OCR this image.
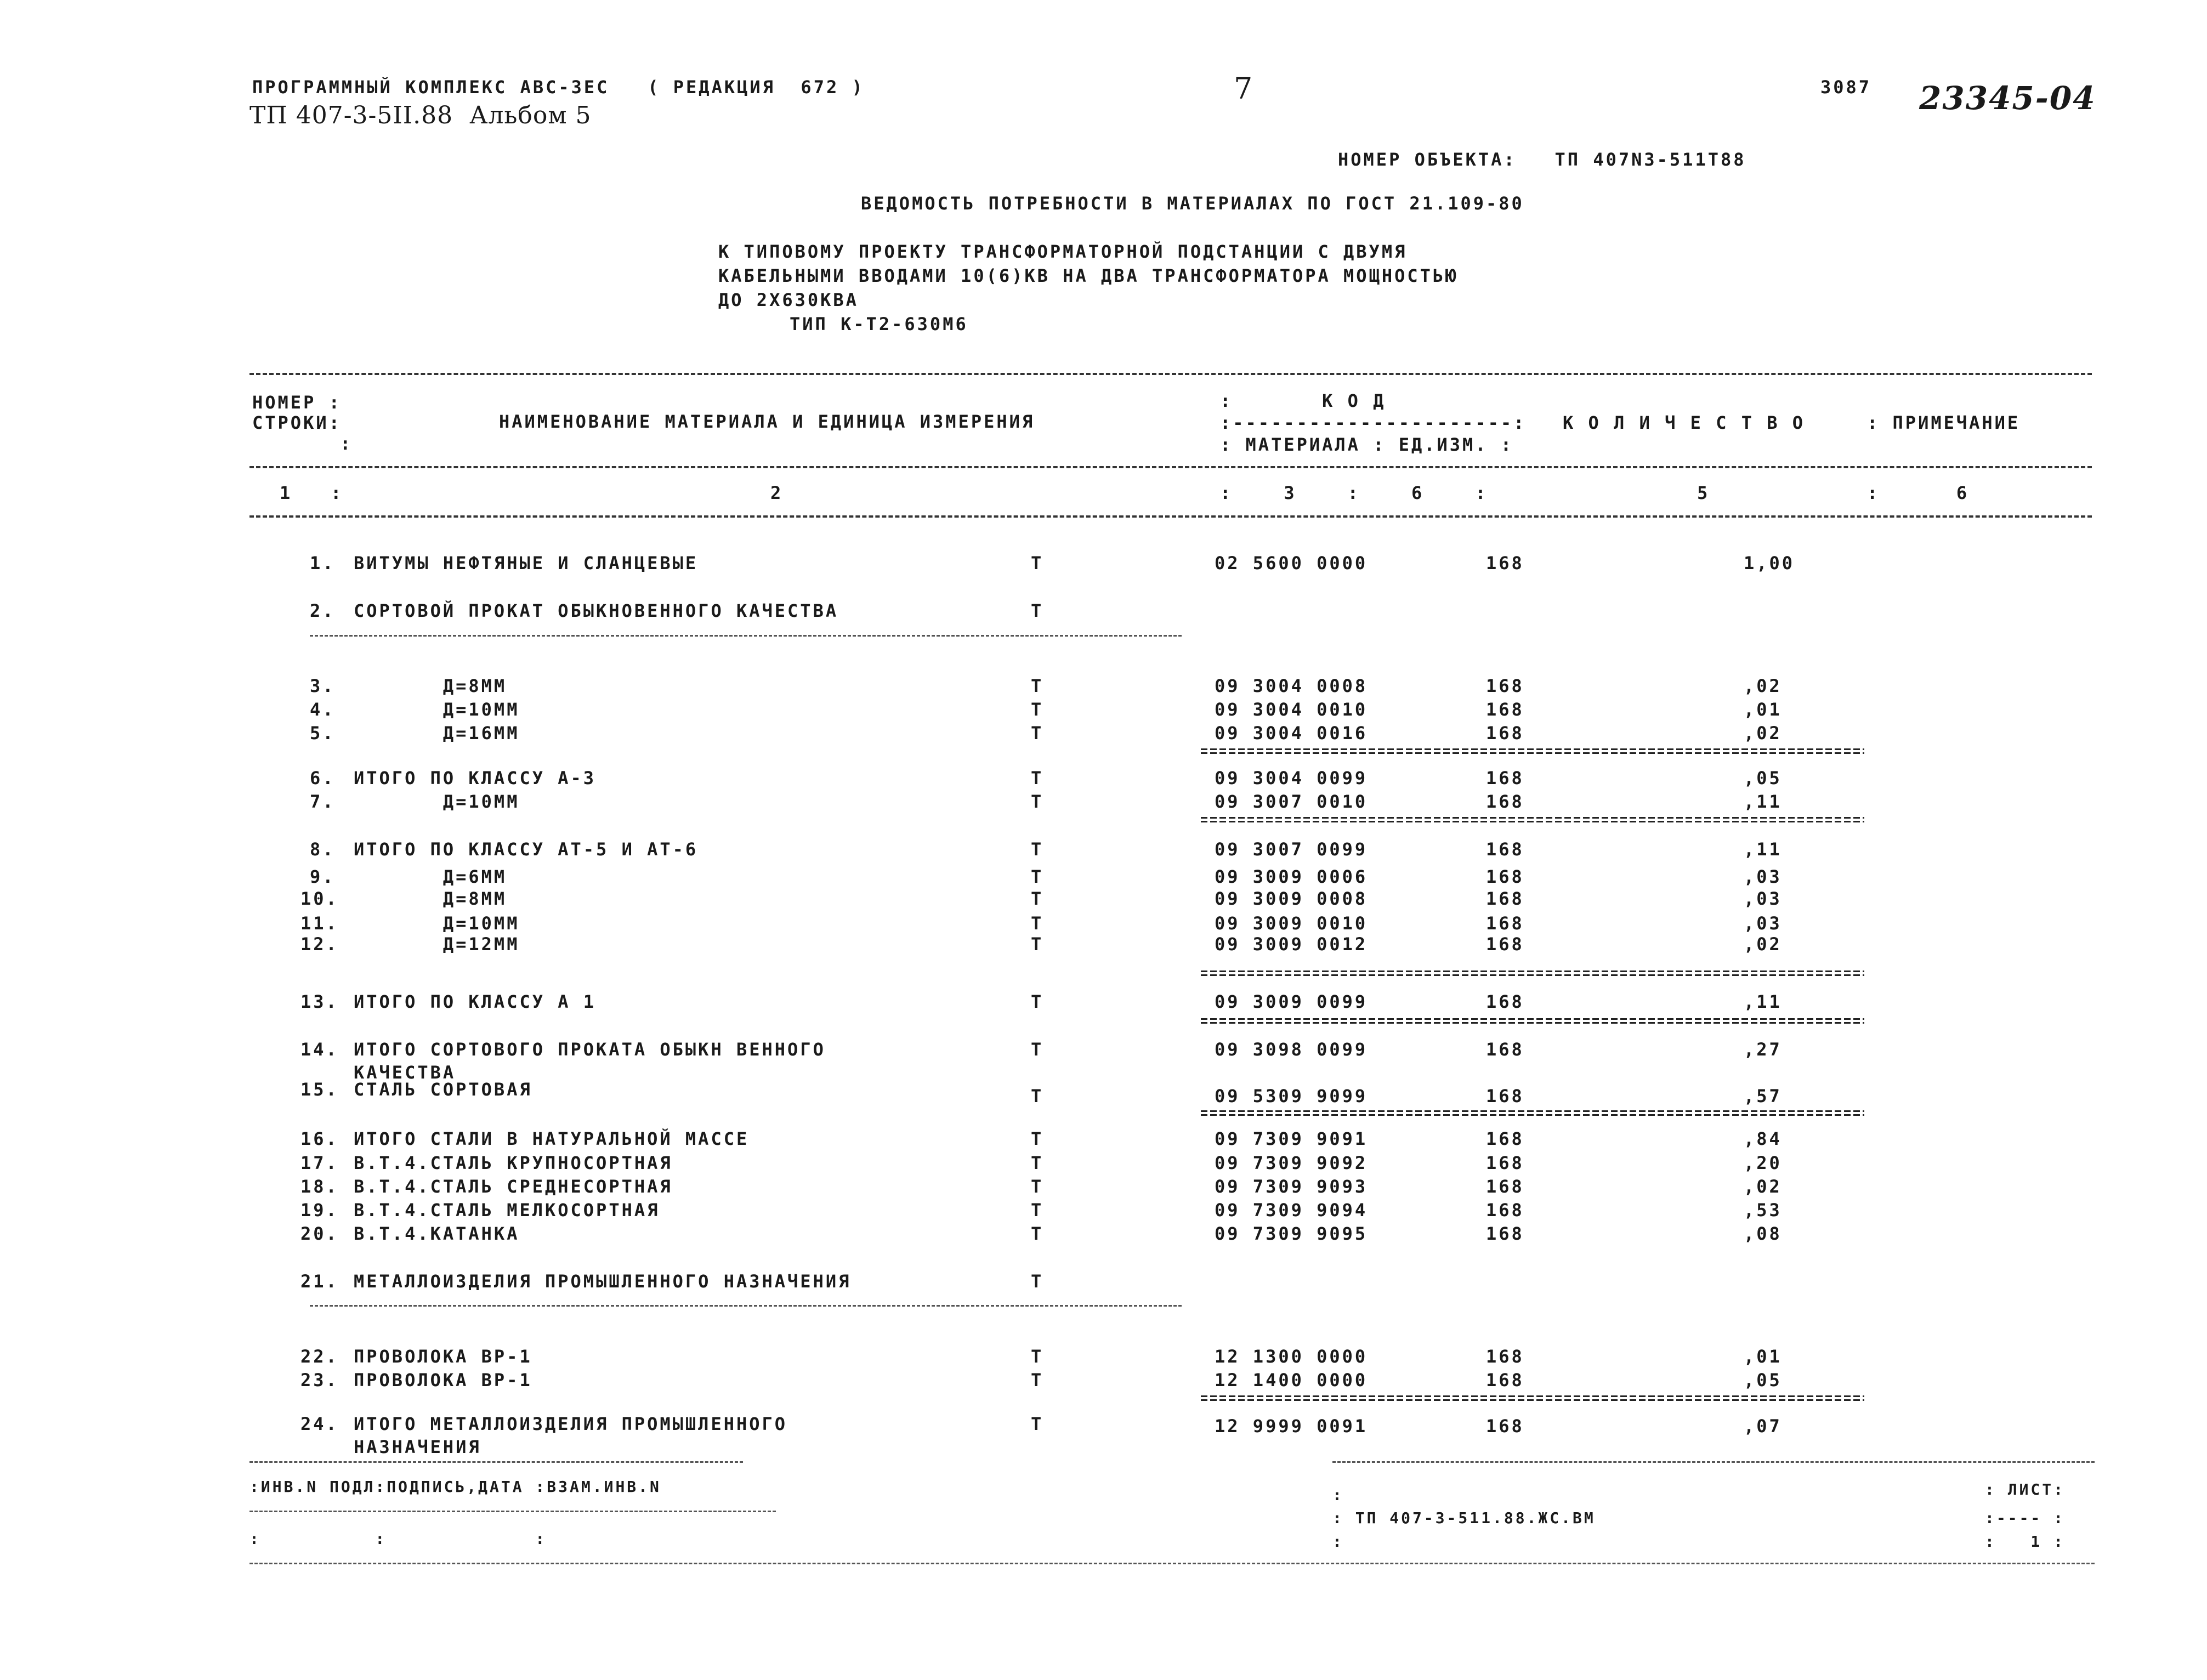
ПРОГРАММНЫЙ КОМПЛЕКС АВС-3ЕС   ( РЕДАКЦИЯ  672 )
ТП 407-3-5II.88  Альбом 5
7	3087 23345-04
НОМЕР ОБЪЕКТА:   ТП 407N3-511Т88
ВЕДОМОСТЬ ПОТРЕБНОСТИ В МАТЕРИАЛАХ ПО ГОСТ 21.109-80
К ТИПОВОМУ ПРОЕКТУ ТРАНСФОРМАТОРНОЙ ПОДСТАНЦИИ С ДВУМЯ
КАБЕЛЬНЫМИ ВВОДАМИ 10(6)КВ НА ДВА ТРАНСФОРМАТОРА МОЩНОСТЬЮ
ДО 2Х630КВА
ТИП К-Т2-630М6
НОМЕР :
СТРОКИ:
:
НАИМЕНОВАНИЕ МАТЕРИАЛА И ЕДИНИЦА ИЗМЕРЕНИЯ
:       К О Д
:----------------------:
: МАТЕРИАЛА : ЕД.ИЗМ. :
К О Л И Ч Е С Т В О	: ПРИМЕЧАНИЕ
1   :	2	:    3    :    6    :	5	:      6
1. ВИТУМЫ НЕФТЯНЫЕ И СЛАНЦЕВЫЕ	Т	02 5600 0000	168	1,00
2. СОРТОВОЙ ПРОКАТ ОБЫКНОВЕННОГО КАЧЕСТВА	Т
3. Д=8ММ	Т	09 3004 0008	168	,02
4. Д=10ММ	Т	09 3004 0010	168	,01
5. Д=16ММ	Т	09 3004 0016	168	,02
6. ИТОГО ПО КЛАССУ А-3	Т	09 3004 0099	168	,05
7. Д=10ММ	Т	09 3007 0010	168	,11
8. ИТОГО ПО КЛАССУ АТ-5 И АТ-6	Т	09 3007 0099	168	,11
9. Д=6ММ	Т	09 3009 0006	168	,03
10. Д=8ММ	Т	09 3009 0008	168	,03
11. Д=10ММ	Т	09 3009 0010	168	,03
12. Д=12ММ	Т	09 3009 0012	168	,02
13. ИТОГО ПО КЛАССУ А 1	Т	09 3009 0099	168	,11
14. ИТОГО СОРТОВОГО ПРОКАТА ОБЫКН ВЕННОГО
КАЧЕСТВА
Т	09 3098 0099	168	,27
15. СТАЛЬ СОРТОВАЯ	Т	09 5309 9099	168	,57
16. ИТОГО СТАЛИ В НАТУРАЛЬНОЙ МАССЕ	Т	09 7309 9091	168	,84
17. В.Т.4.СТАЛЬ КРУПНОСОРТНАЯ	Т	09 7309 9092	168	,20
18. В.Т.4.СТАЛЬ СРЕДНЕСОРТНАЯ	Т	09 7309 9093	168	,02
19. В.Т.4.СТАЛЬ МЕЛКОСОРТНАЯ	Т	09 7309 9094	168	,53
20. В.Т.4.КАТАНКА	Т	09 7309 9095	168	,08
21. МЕТАЛЛОИЗДЕЛИЯ ПРОМЫШЛЕННОГО НАЗНАЧЕНИЯ	Т
22. ПРОВОЛОКА ВР-1	Т	12 1300 0000	168	,01
23. ПРОВОЛОКА ВР-1	Т	12 1400 0000	168	,05
24. ИТОГО МЕТАЛЛОИЗДЕЛИЯ ПРОМЫШЛЕННОГО
НАЗНАЧЕНИЯ
Т	12 9999 0091	168	,07
:ИНВ.N ПОДЛ:ПОДПИСЬ,ДАТА :ВЗАМ.ИНВ.N
:          :             :
:
: ТП 407-3-511.88.ЖС.ВМ
:
: ЛИСТ:
:---- :
:   1 :
